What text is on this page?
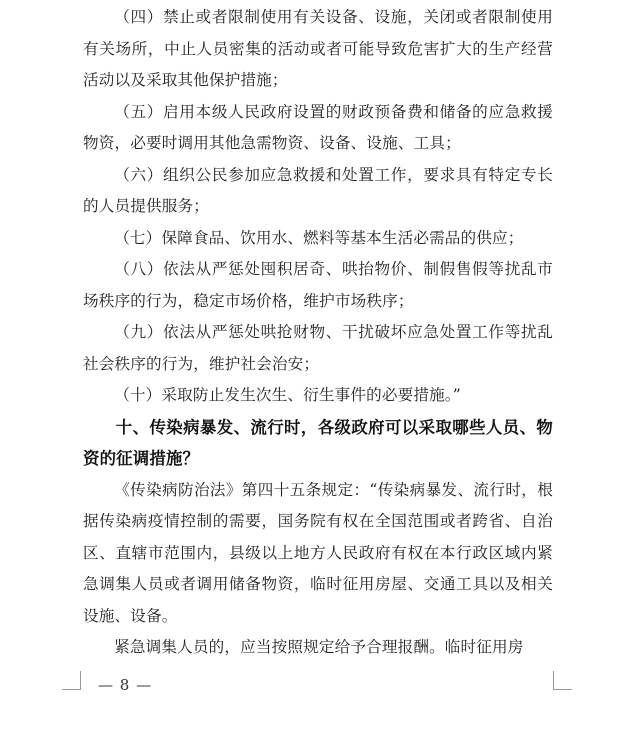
（四）禁止或者限制使用有关设备、设施，关闭或者限制使用有关场所，中止人员密集的活动或者可能导致危害扩大的生产经营活动以及采取其他保护措施；

（五）启用本级人民政府设置的财政预备费和储备的应急救援物资，必要时调用其他急需物资、设备、设施、工具；

（六）组织公民参加应急救援和处置工作，要求具有特定专长的人员提供服务；

（七）保障食品、饮用水、燃料等基本生活必需品的供应；

（八）依法从严惩处囤积居奇、哄抬物价、制假售假等扰乱市场秩序的行为，稳定市场价格，维护市场秩序；

（九）依法从严惩处哄抢财物、干扰破坏应急处置工作等扰乱社会秩序的行为，维护社会治安；

（十）采取防止发生次生、衍生事件的必要措施。”

十、传染病暴发、流行时，各级政府可以采取哪些人员、物资的征调措施？

《传染病防治法》第四十五条规定：“传染病暴发、流行时，根据传染病疫情控制的需要，国务院有权在全国范围或者跨省、自治区、直辖市范围内，县级以上地方人民政府有权在本行政区域内紧急调集人员或者调用储备物资，临时征用房屋、交通工具以及相关设施、设备。

紧急调集人员的，应当按照规定给予合理报酬。临时征用房

— 8 —
